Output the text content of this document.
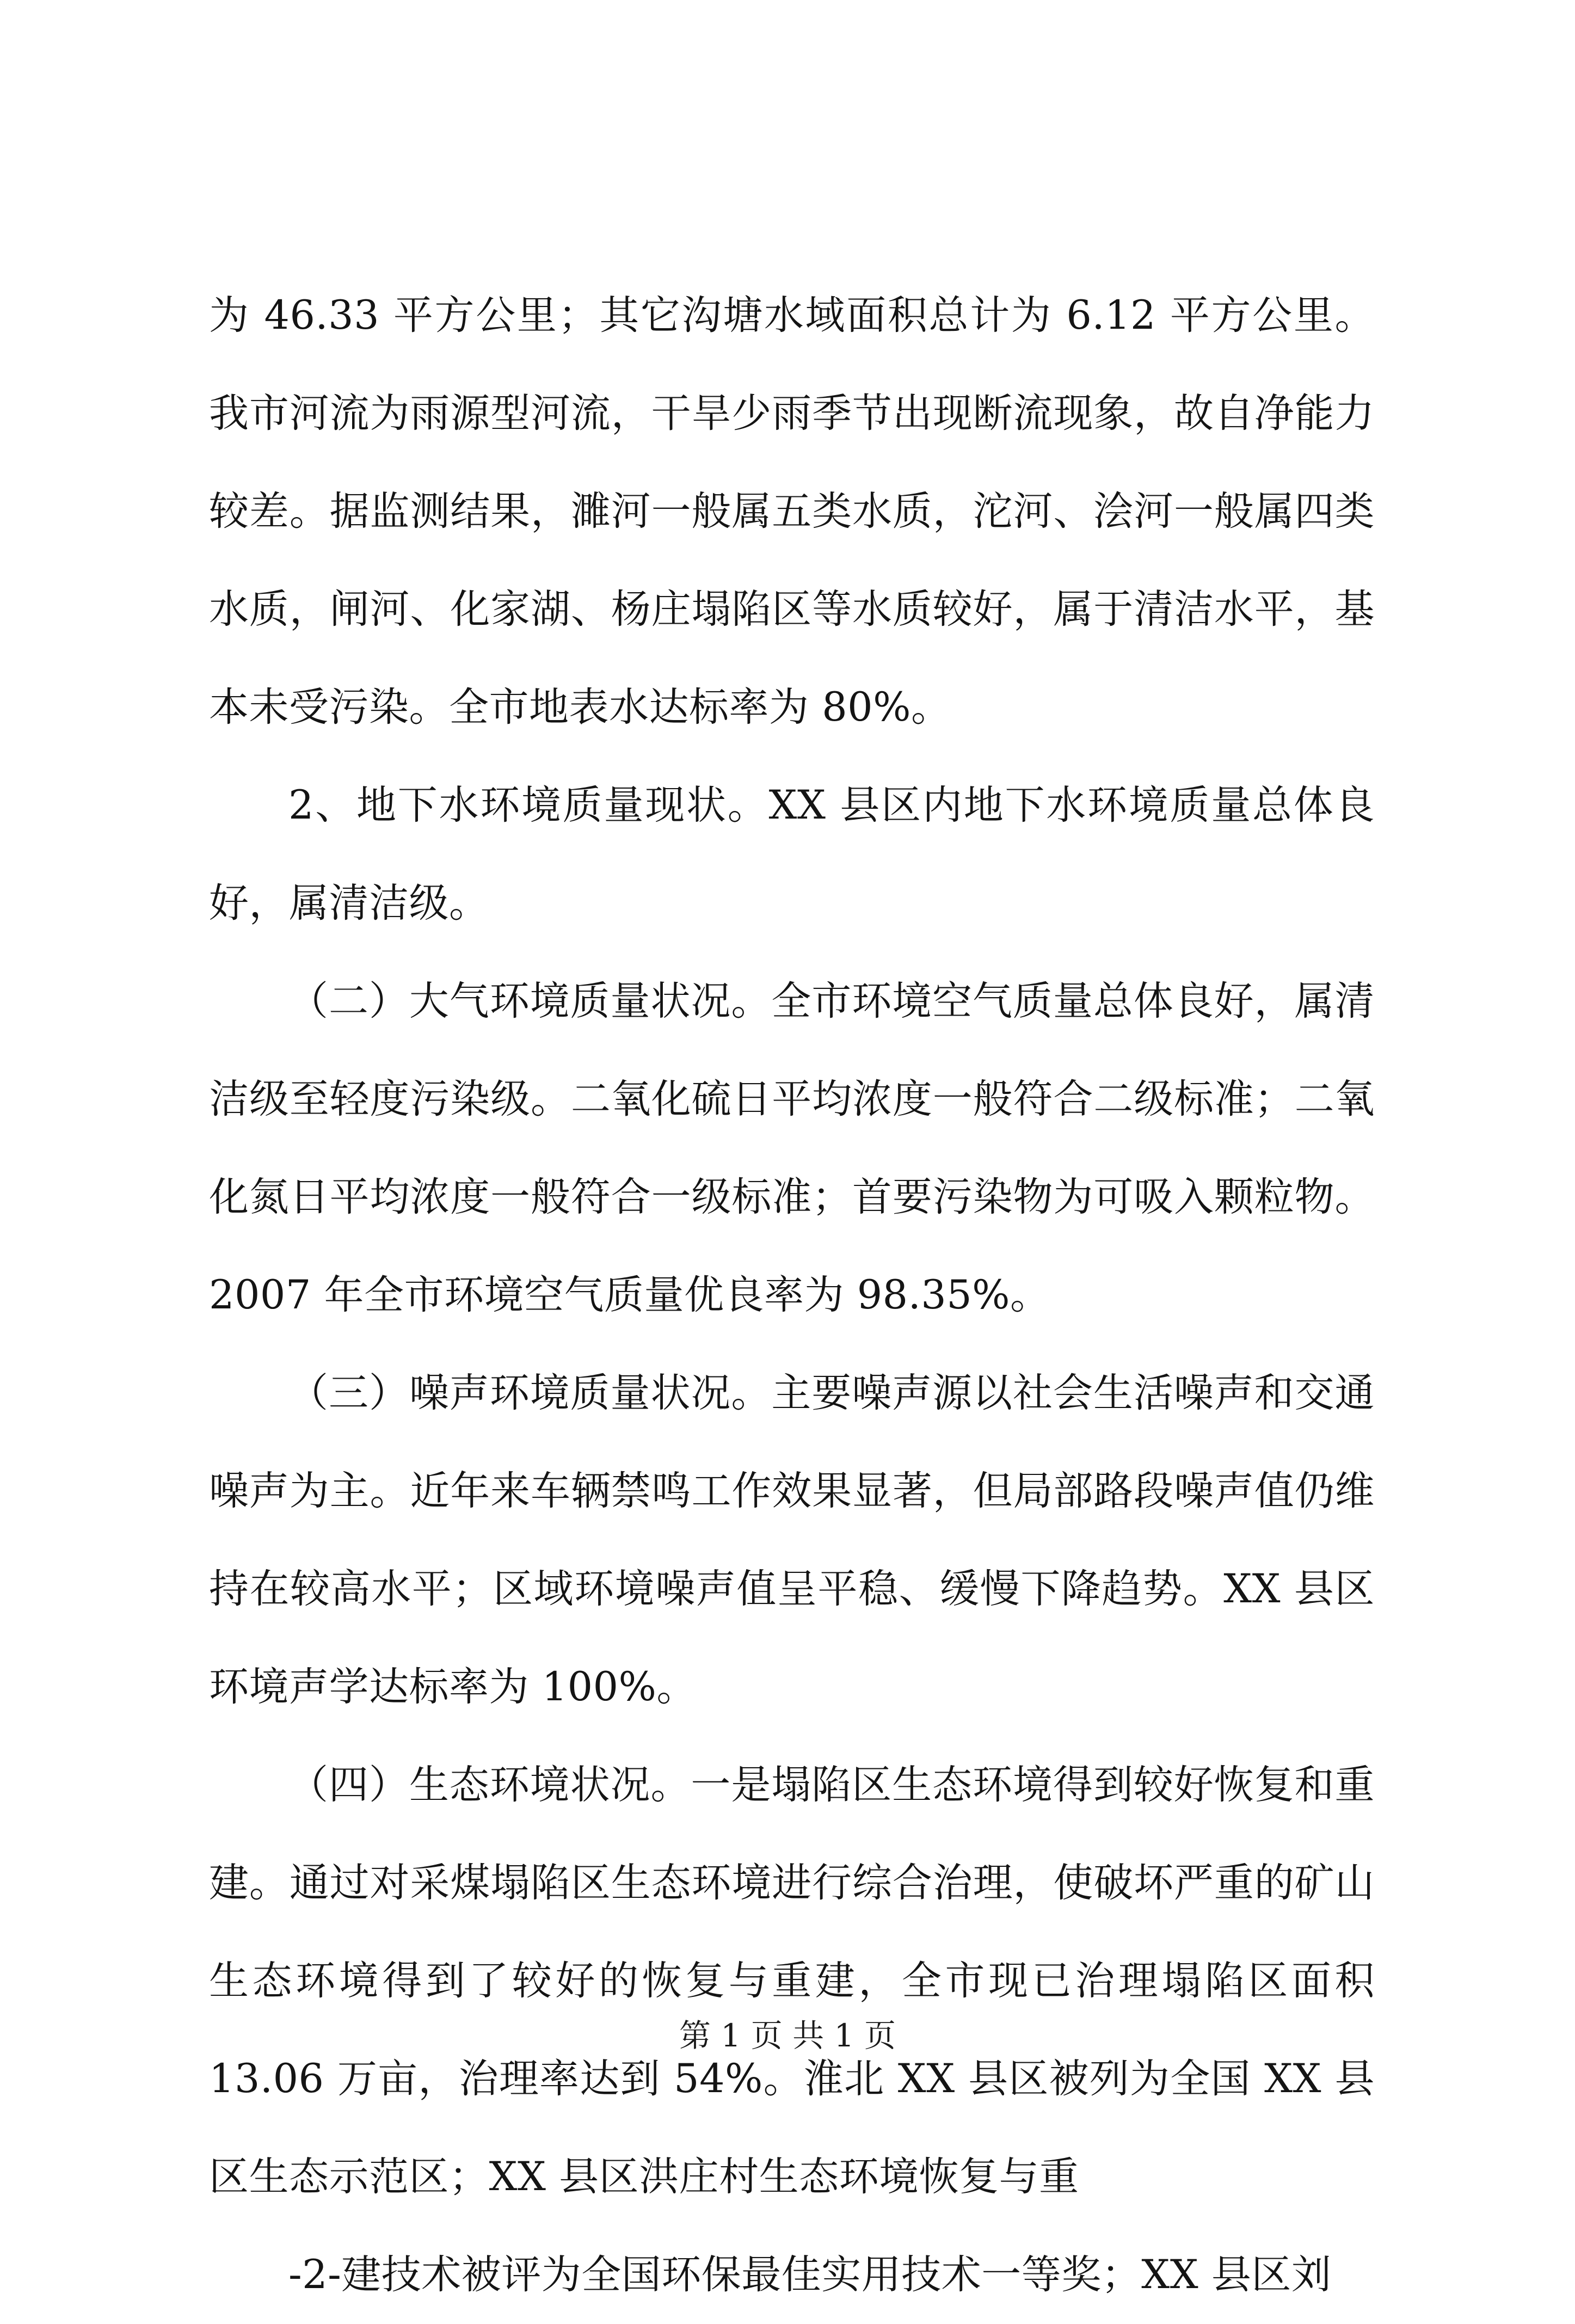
为 46.33 平方公里；其它沟塘水域面积总计为 6.12 平方公里。我市河流为雨源型河流，干旱少雨季节出现断流现象，故自净能力较差。据监测结果，濉河一般属五类水质，沱河、浍河一般属四类水质，闸河、化家湖、杨庄塌陷区等水质较好，属于清洁水平，基本未受污染。全市地表水达标率为 80%。

2、地下水环境质量现状。XX 县区内地下水环境质量总体良好，属清洁级。

（二）大气环境质量状况。全市环境空气质量总体良好，属清洁级至轻度污染级。二氧化硫日平均浓度一般符合二级标准；二氧化氮日平均浓度一般符合一级标准；首要污染物为可吸入颗粒物。2007 年全市环境空气质量优良率为 98.35%。

（三）噪声环境质量状况。主要噪声源以社会生活噪声和交通噪声为主。近年来车辆禁鸣工作效果显著，但局部路段噪声值仍维持在较高水平；区域环境噪声值呈平稳、缓慢下降趋势。XX 县区环境声学达标率为 100%。

（四）生态环境状况。一是塌陷区生态环境得到较好恢复和重建。通过对采煤塌陷区生态环境进行综合治理，使破坏严重的矿山生态环境得到了较好的恢复与重建，全市现已治理塌陷区面积 13.06 万亩，治理率达到 54%。淮北 XX 县区被列为全国 XX 县区生态示范区；XX 县区洪庄村生态环境恢复与重

-2-建技术被评为全国环保最佳实用技术一等奖；XX 县区刘

第 1 页 共 1 页
